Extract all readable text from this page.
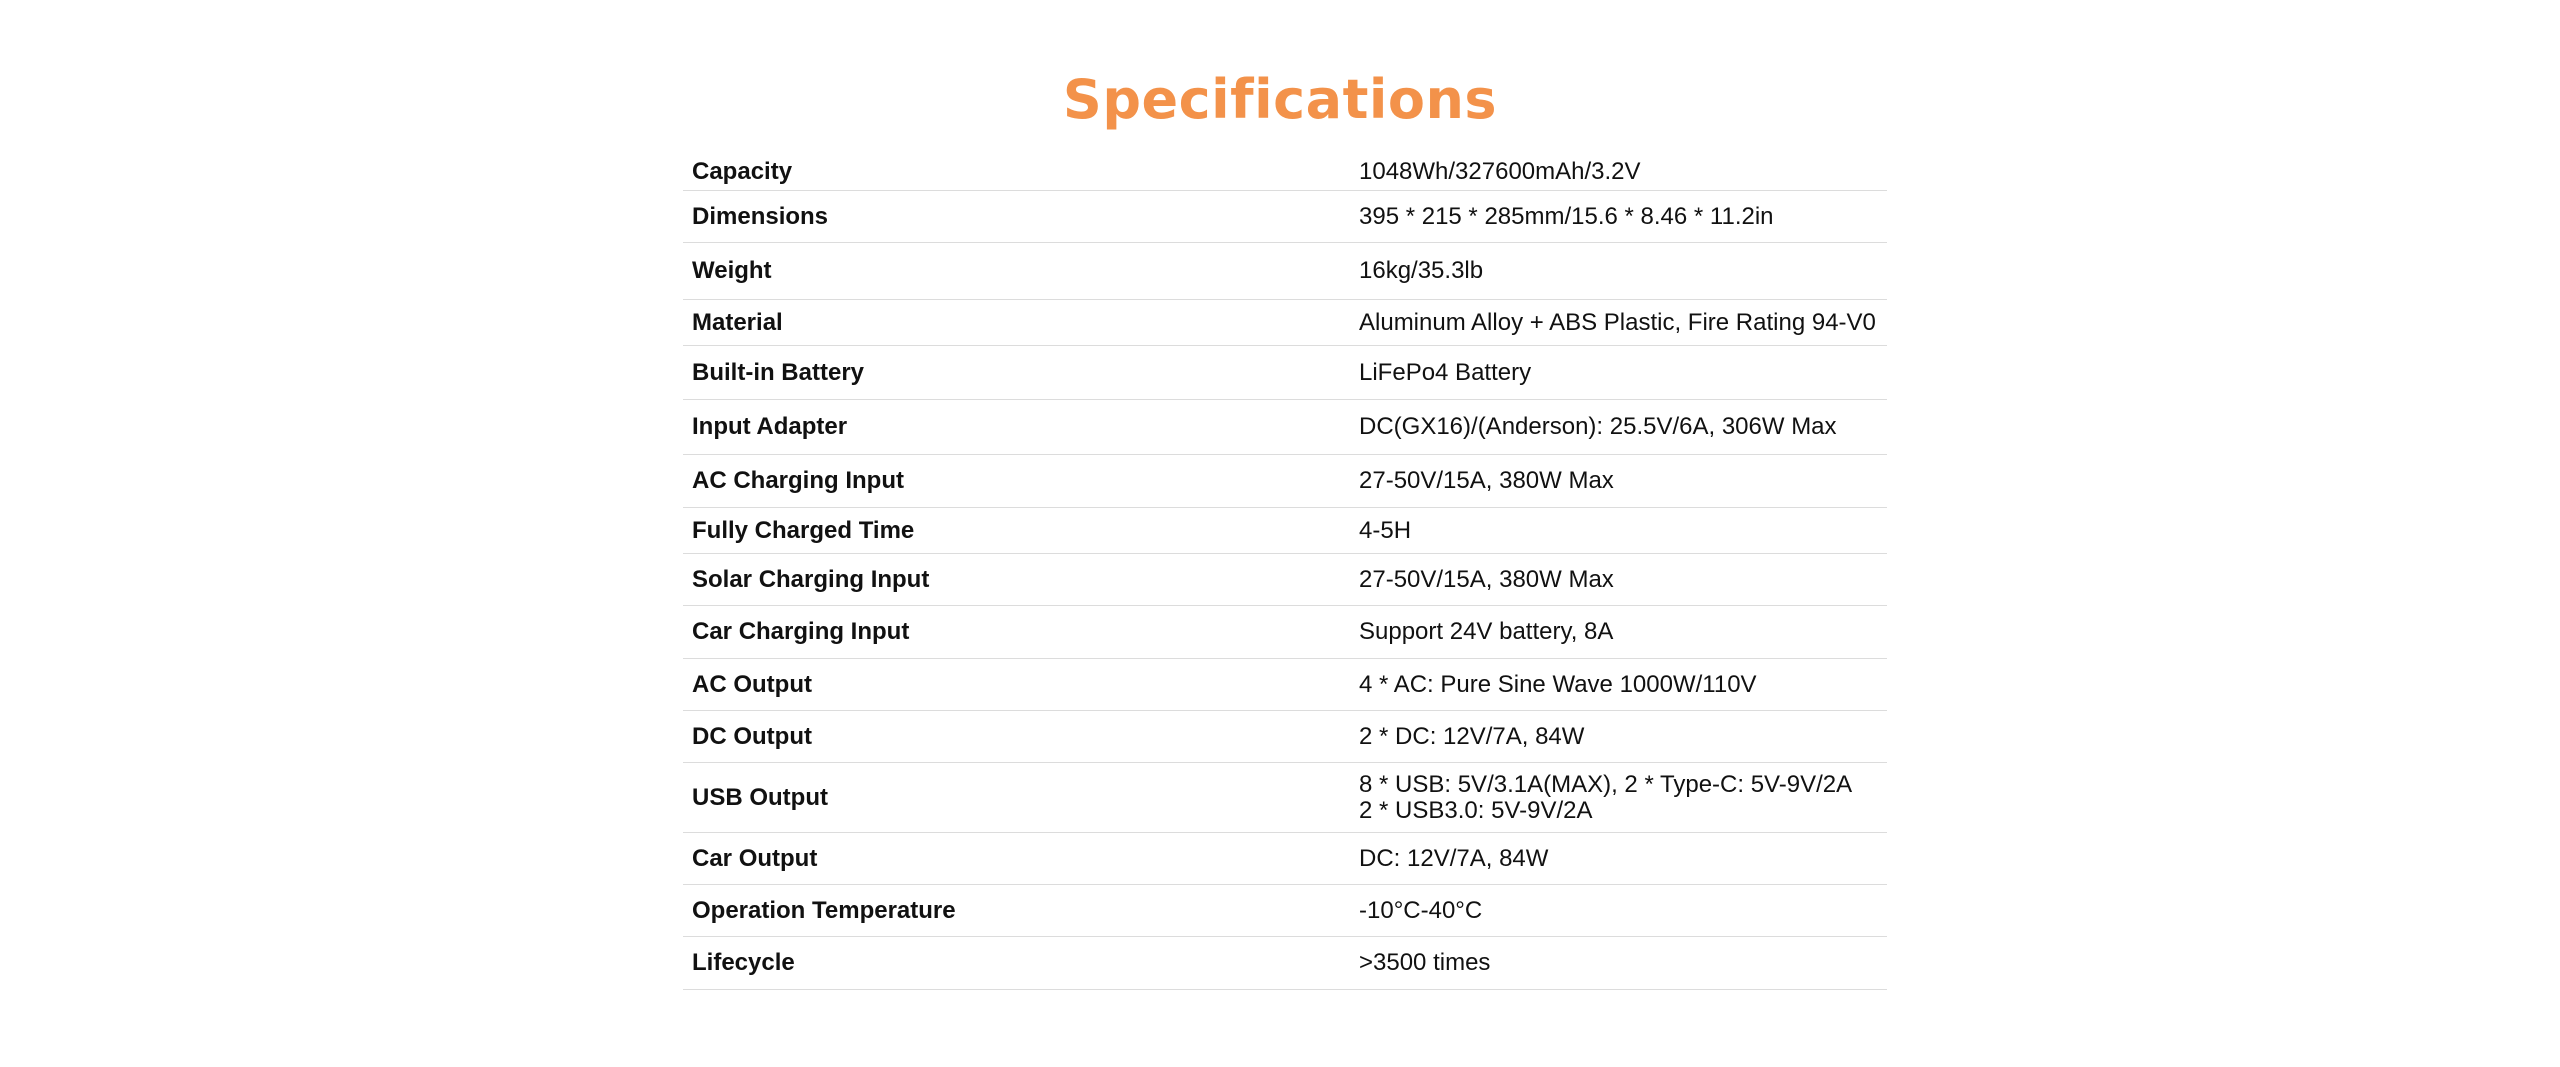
Specifications
Capacity	1048Wh/327600mAh/3.2V
Dimensions	395 * 215 * 285mm/15.6 * 8.46 * 11.2in
Weight	16kg/35.3lb
Material	Aluminum Alloy + ABS Plastic, Fire Rating 94-V0
Built-in Battery	LiFePo4 Battery
Input Adapter	DC(GX16)/(Anderson): 25.5V/6A, 306W Max
AC Charging Input	27-50V/15A, 380W Max
Fully Charged Time	4-5H
Solar Charging Input	27-50V/15A, 380W Max
Car Charging Input	Support 24V battery, 8A
AC Output	4 * AC: Pure Sine Wave 1000W/110V
DC Output	2 * DC: 12V/7A, 84W
USB Output	8 * USB: 5V/3.1A(MAX), 2 * Type-C: 5V-9V/2A
2 * USB3.0: 5V-9V/2A
Car Output	DC: 12V/7A, 84W
Operation Temperature	-10°C-40°C
Lifecycle	>3500 times
